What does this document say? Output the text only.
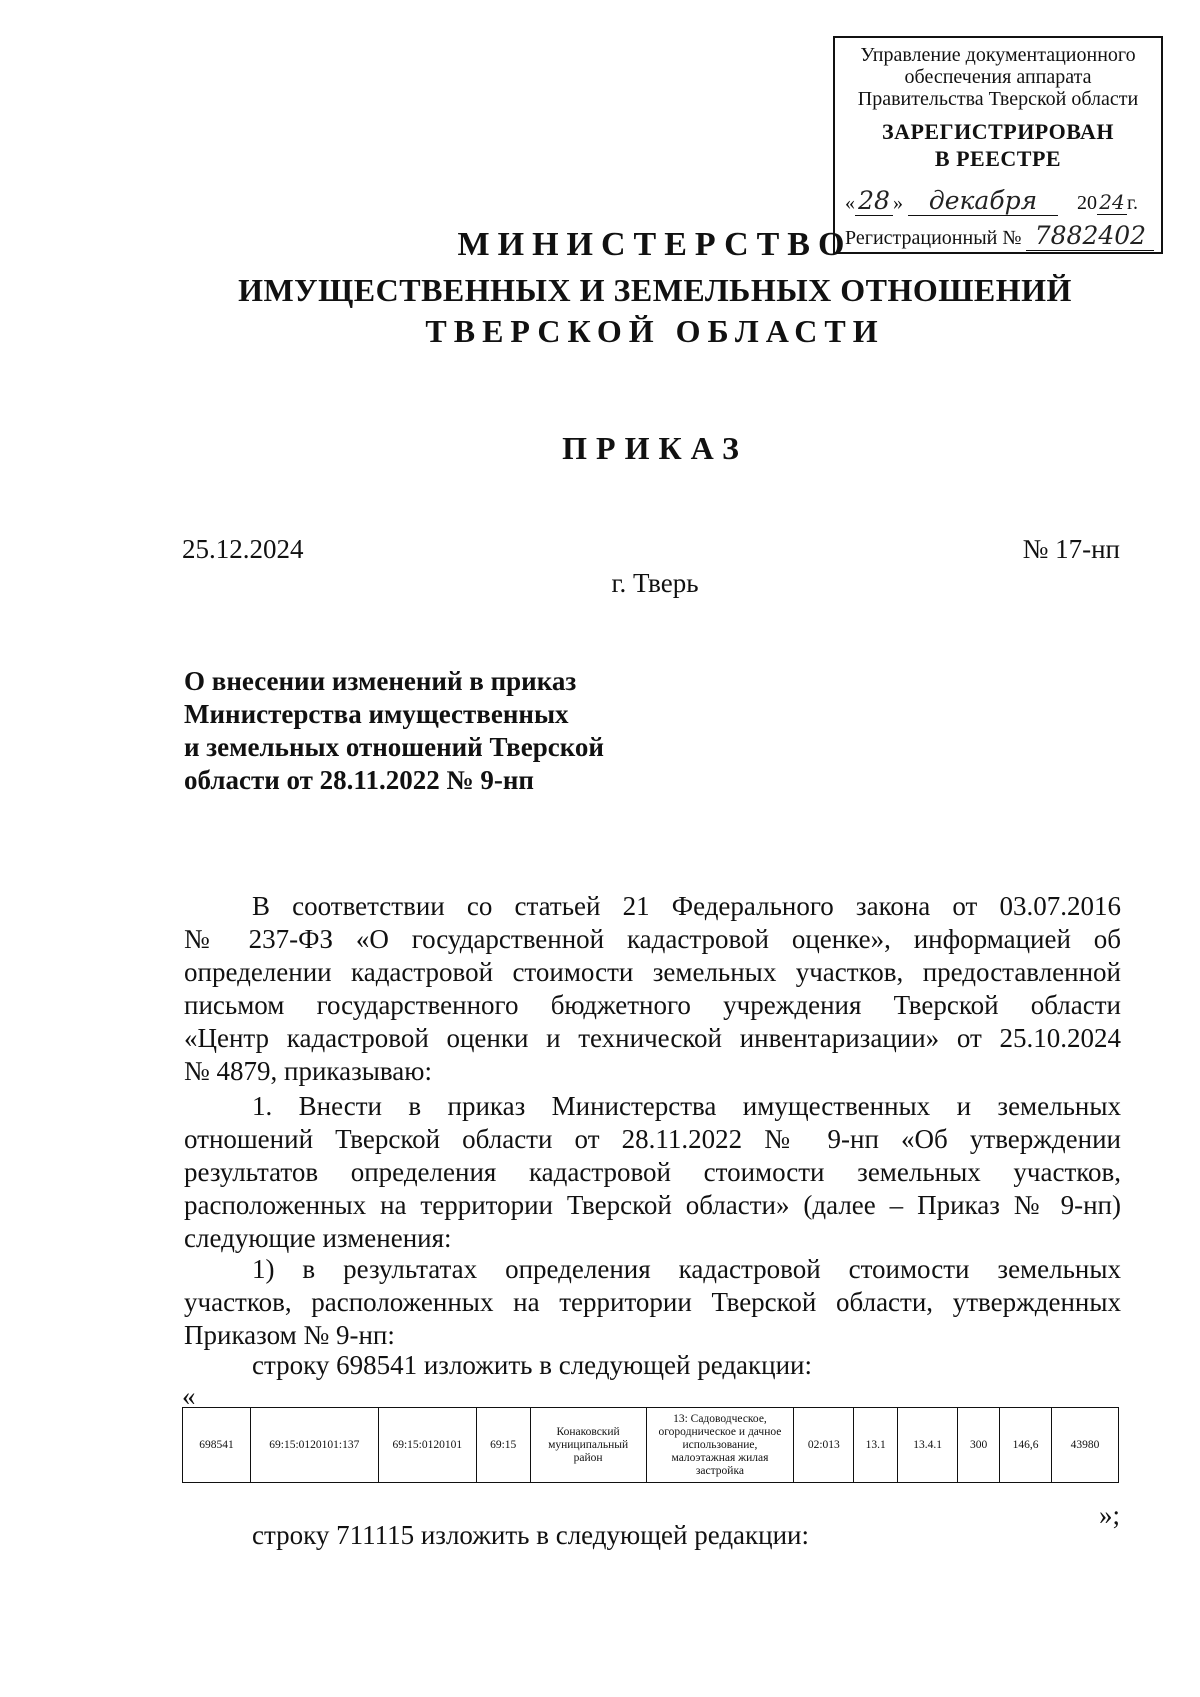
Управление документационного
обеспечения аппарата
Правительства Тверской области
ЗАРЕГИСТРИРОВАН
В РЕЕСТРЕ
« 28 » декабря 20 24 г.
Регистрационный № 7882402
МИНИСТЕРСТВО
ИМУЩЕСТВЕННЫХ И ЗЕМЕЛЬНЫХ ОТНОШЕНИЙ
ТВЕРСКОЙ ОБЛАСТИ
ПРИКАЗ
25.12.2024	№ 17-нп
г. Тверь
О внесении изменений в приказ
Министерства имущественных
и земельных отношений Тверской
области от 28.11.2022 № 9-нп
В соответствии со статьей 21 Федерального закона от 03.07.2016
№ 237-ФЗ «О государственной кадастровой оценке», информацией об
определении кадастровой стоимости земельных участков, предоставленной
письмом государственного бюджетного учреждения Тверской области
«Центр кадастровой оценки и технической инвентаризации» от 25.10.2024
№ 4879, приказываю:
1. Внести в приказ Министерства имущественных и земельных
отношений Тверской области от 28.11.2022 № 9-нп «Об утверждении
результатов определения кадастровой стоимости земельных участков,
расположенных на территории Тверской области» (далее – Приказ № 9-нп)
следующие изменения:
1) в результатах определения кадастровой стоимости земельных
участков, расположенных на территории Тверской области, утвержденных
Приказом № 9-нп:
строку 698541 изложить в следующей редакции:
«
698541	69:15:0120101:137	69:15:0120101	69:15	Конаковский муниципальный район	13: Садоводческое, огородническое и дачное использование, малоэтажная жилая застройка	02:013	13.1	13.4.1	300	146,6	43980
»;
строку 711115 изложить в следующей редакции:
